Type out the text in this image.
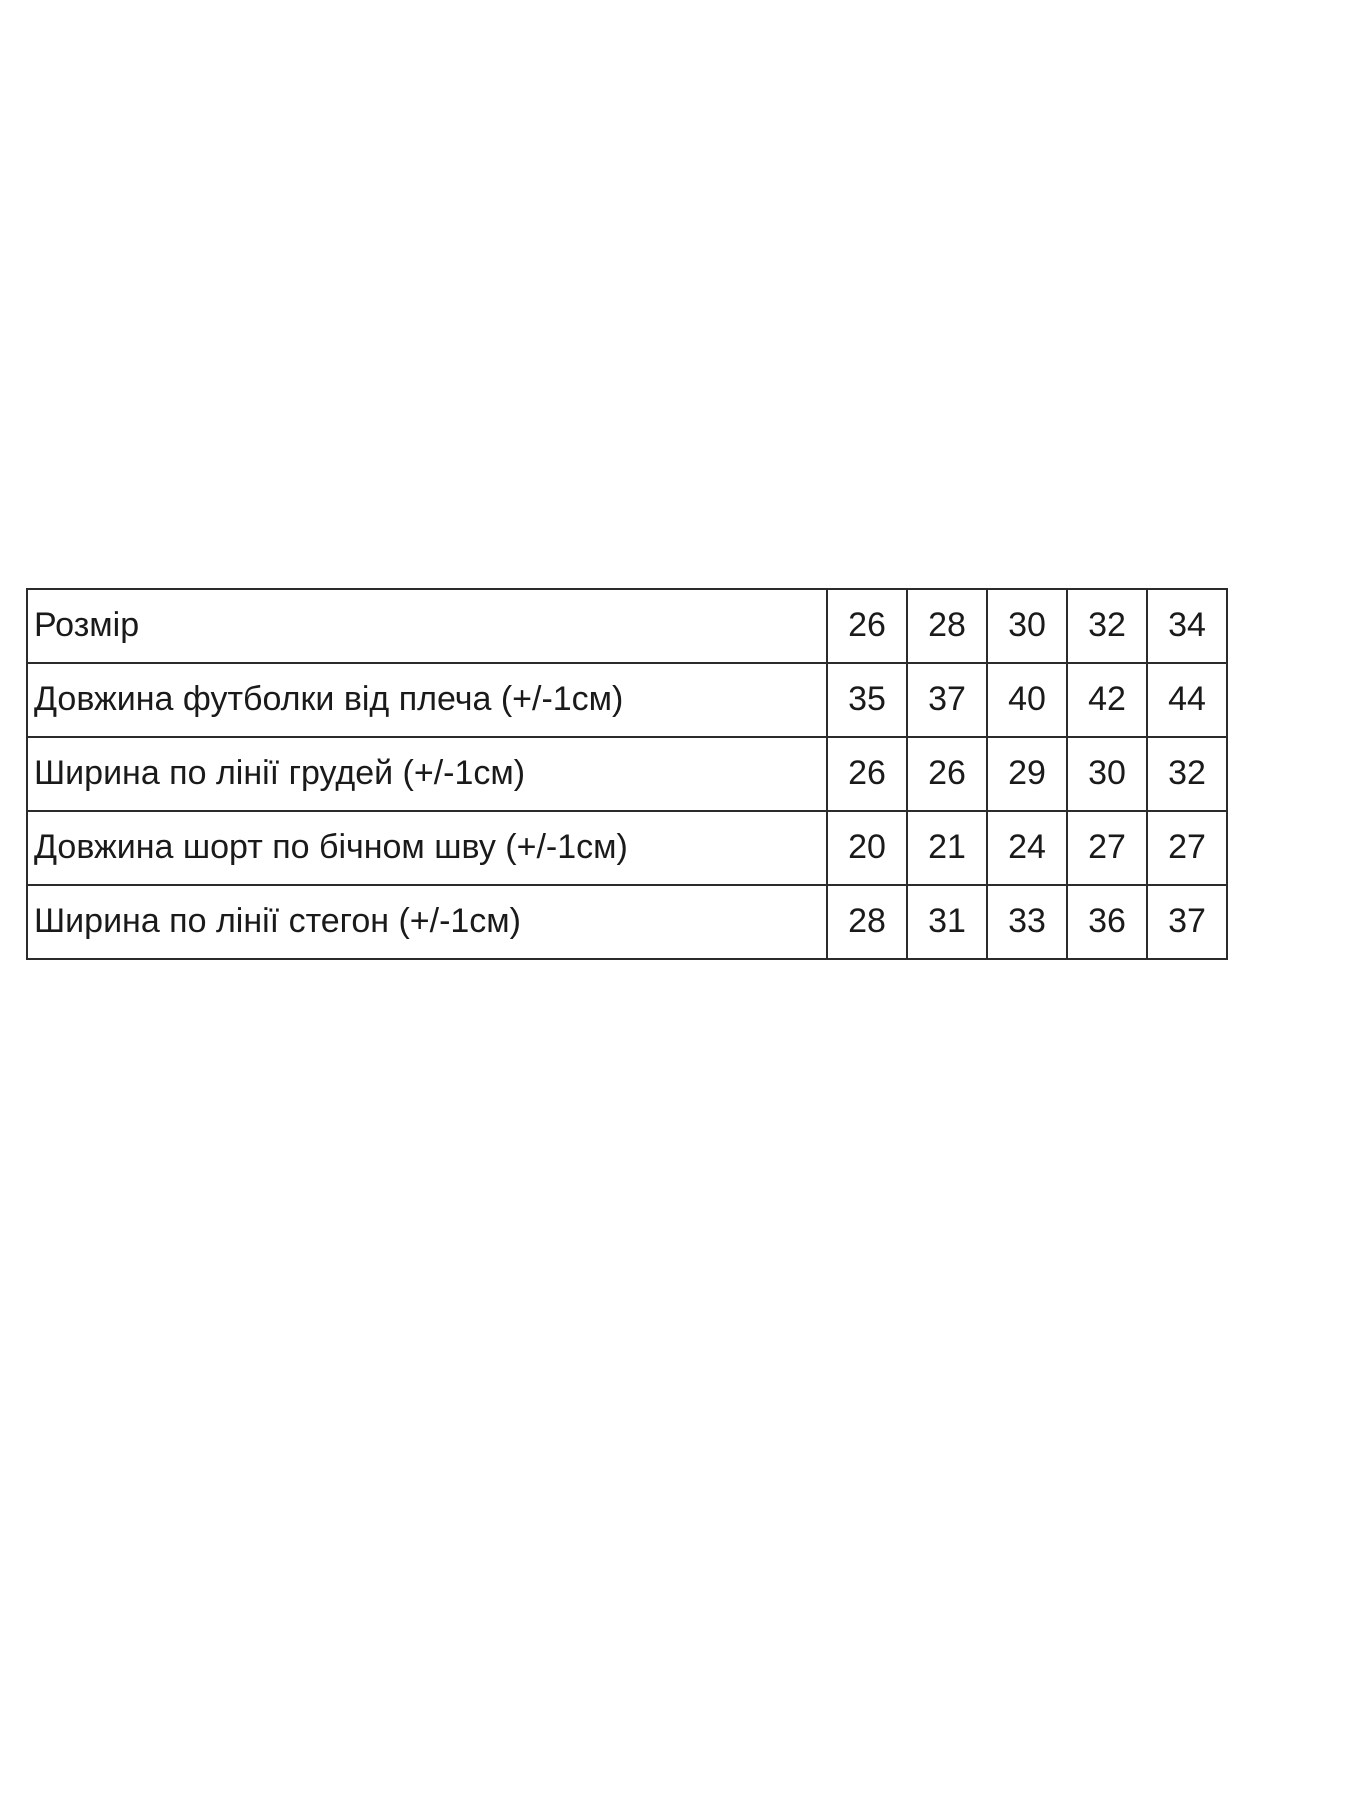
Розмір	26	28	30	32	34
Довжина футболки від плеча (+/-1см)	35	37	40	42	44
Ширина по лінії грудей (+/-1см)	26	26	29	30	32
Довжина шорт по бічном шву (+/-1см)	20	21	24	27	27
Ширина по лінії стегон (+/-1см)	28	31	33	36	37
